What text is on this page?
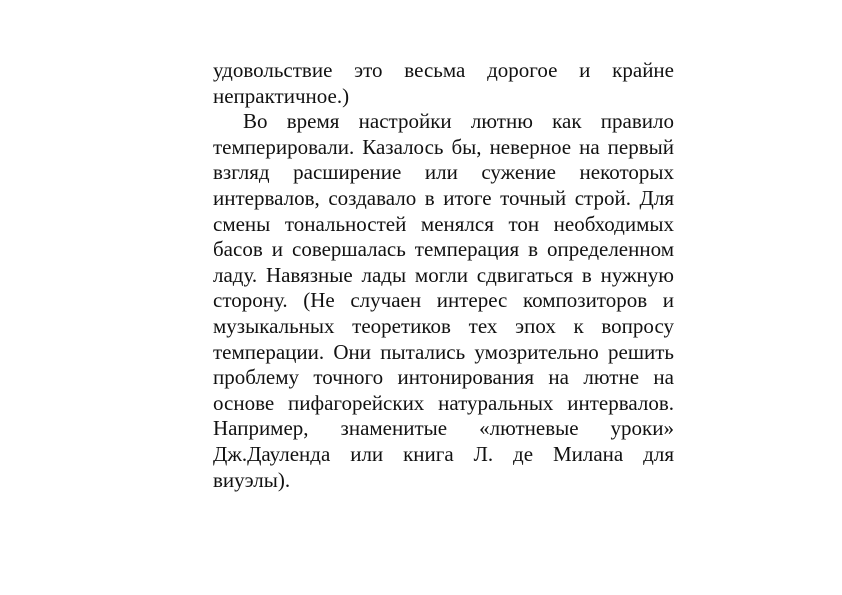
удовольствие это весьма дорогое и крайне
непрактичное.)
Во время настройки лютню как правило
темперировали. Казалось бы, неверное на первый
взгляд расширение или сужение некоторых
интервалов, создавало в итоге точный строй. Для
смены тональностей менялся тон необходимых
басов и совершалась темперация в определенном
ладу. Навязные лады могли сдвигаться в нужную
сторону. (Не случаен интерес композиторов и
музыкальных теоретиков тех эпох к вопросу
темперации. Они пытались умозрительно решить
проблему точного интонирования на лютне на
основе пифагорейских натуральных интервалов.
Например, знаменитые «лютневые уроки»
Дж.Дауленда или книга Л. де Милана для
виуэлы).
